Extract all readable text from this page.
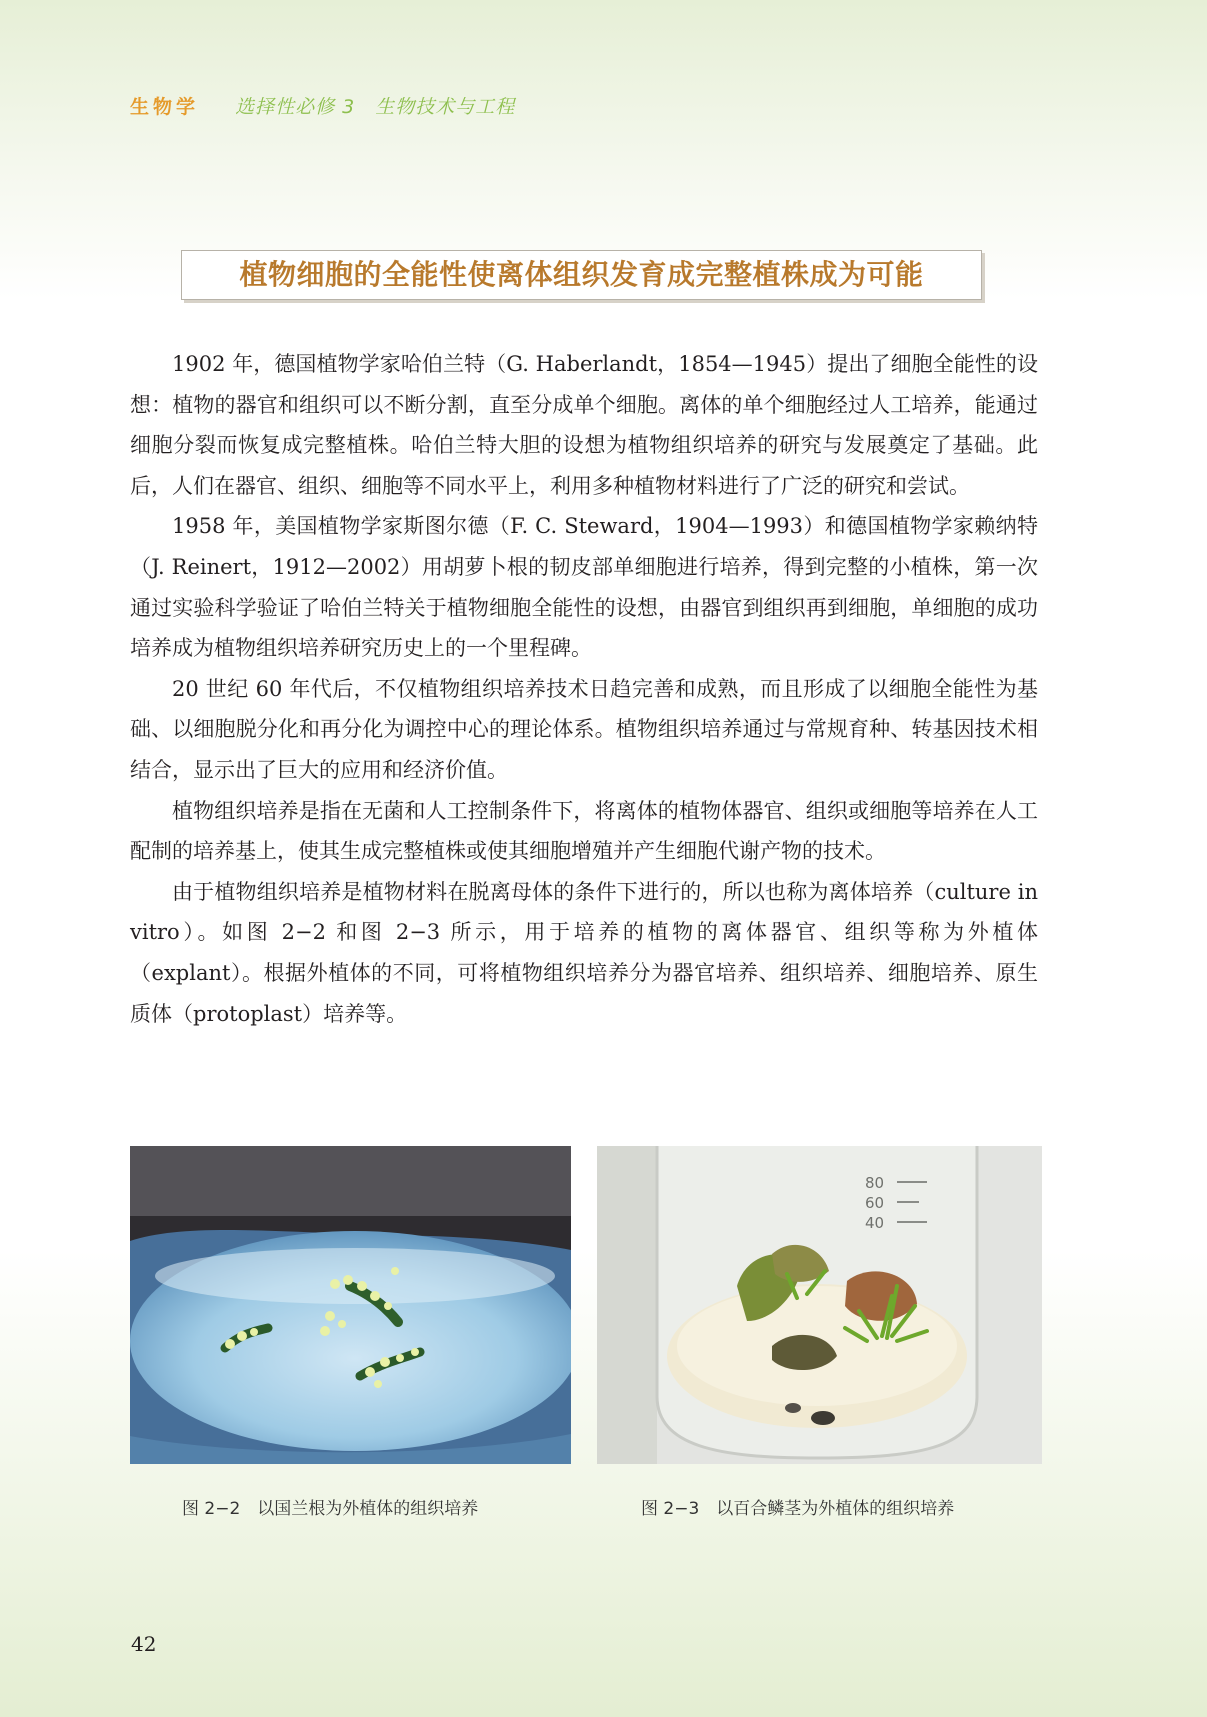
生物学 选择性必修 3　生物技术与工程
植物细胞的全能性使离体组织发育成完整植株成为可能

1902 年，德国植物学家哈伯兰特（G. Haberlandt，1854—1945）提出了细胞全能性的设想：植物的器官和组织可以不断分割，直至分成单个细胞。离体的单个细胞经过人工培养，能通过细胞分裂而恢复成完整植株。哈伯兰特大胆的设想为植物组织培养的研究与发展奠定了基础。此后，人们在器官、组织、细胞等不同水平上，利用多种植物材料进行了广泛的研究和尝试。

1958 年，美国植物学家斯图尔德（F. C. Steward，1904—1993）和德国植物学家赖纳特（J. Reinert，1912—2002）用胡萝卜根的韧皮部单细胞进行培养，得到完整的小植株，第一次通过实验科学验证了哈伯兰特关于植物细胞全能性的设想，由器官到组织再到细胞，单细胞的成功培养成为植物组织培养研究历史上的一个里程碑。

20 世纪 60 年代后，不仅植物组织培养技术日趋完善和成熟，而且形成了以细胞全能性为基础、以细胞脱分化和再分化为调控中心的理论体系。植物组织培养通过与常规育种、转基因技术相结合，显示出了巨大的应用和经济价值。

植物组织培养是指在无菌和人工控制条件下，将离体的植物体器官、组织或细胞等培养在人工配制的培养基上，使其生成完整植株或使其细胞增殖并产生细胞代谢产物的技术。

由于植物组织培养是植物材料在脱离母体的条件下进行的，所以也称为离体培养（culture in vitro）。如图 2−2 和图 2−3 所示，用于培养的植物的离体器官、组织等称为外植体（explant）。根据外植体的不同，可将植物组织培养分为器官培养、组织培养、细胞培养、原生质体（protoplast）培养等。

图 2−2　以国兰根为外植体的组织培养
80
60
40
图 2−3　以百合鳞茎为外植体的组织培养
42
